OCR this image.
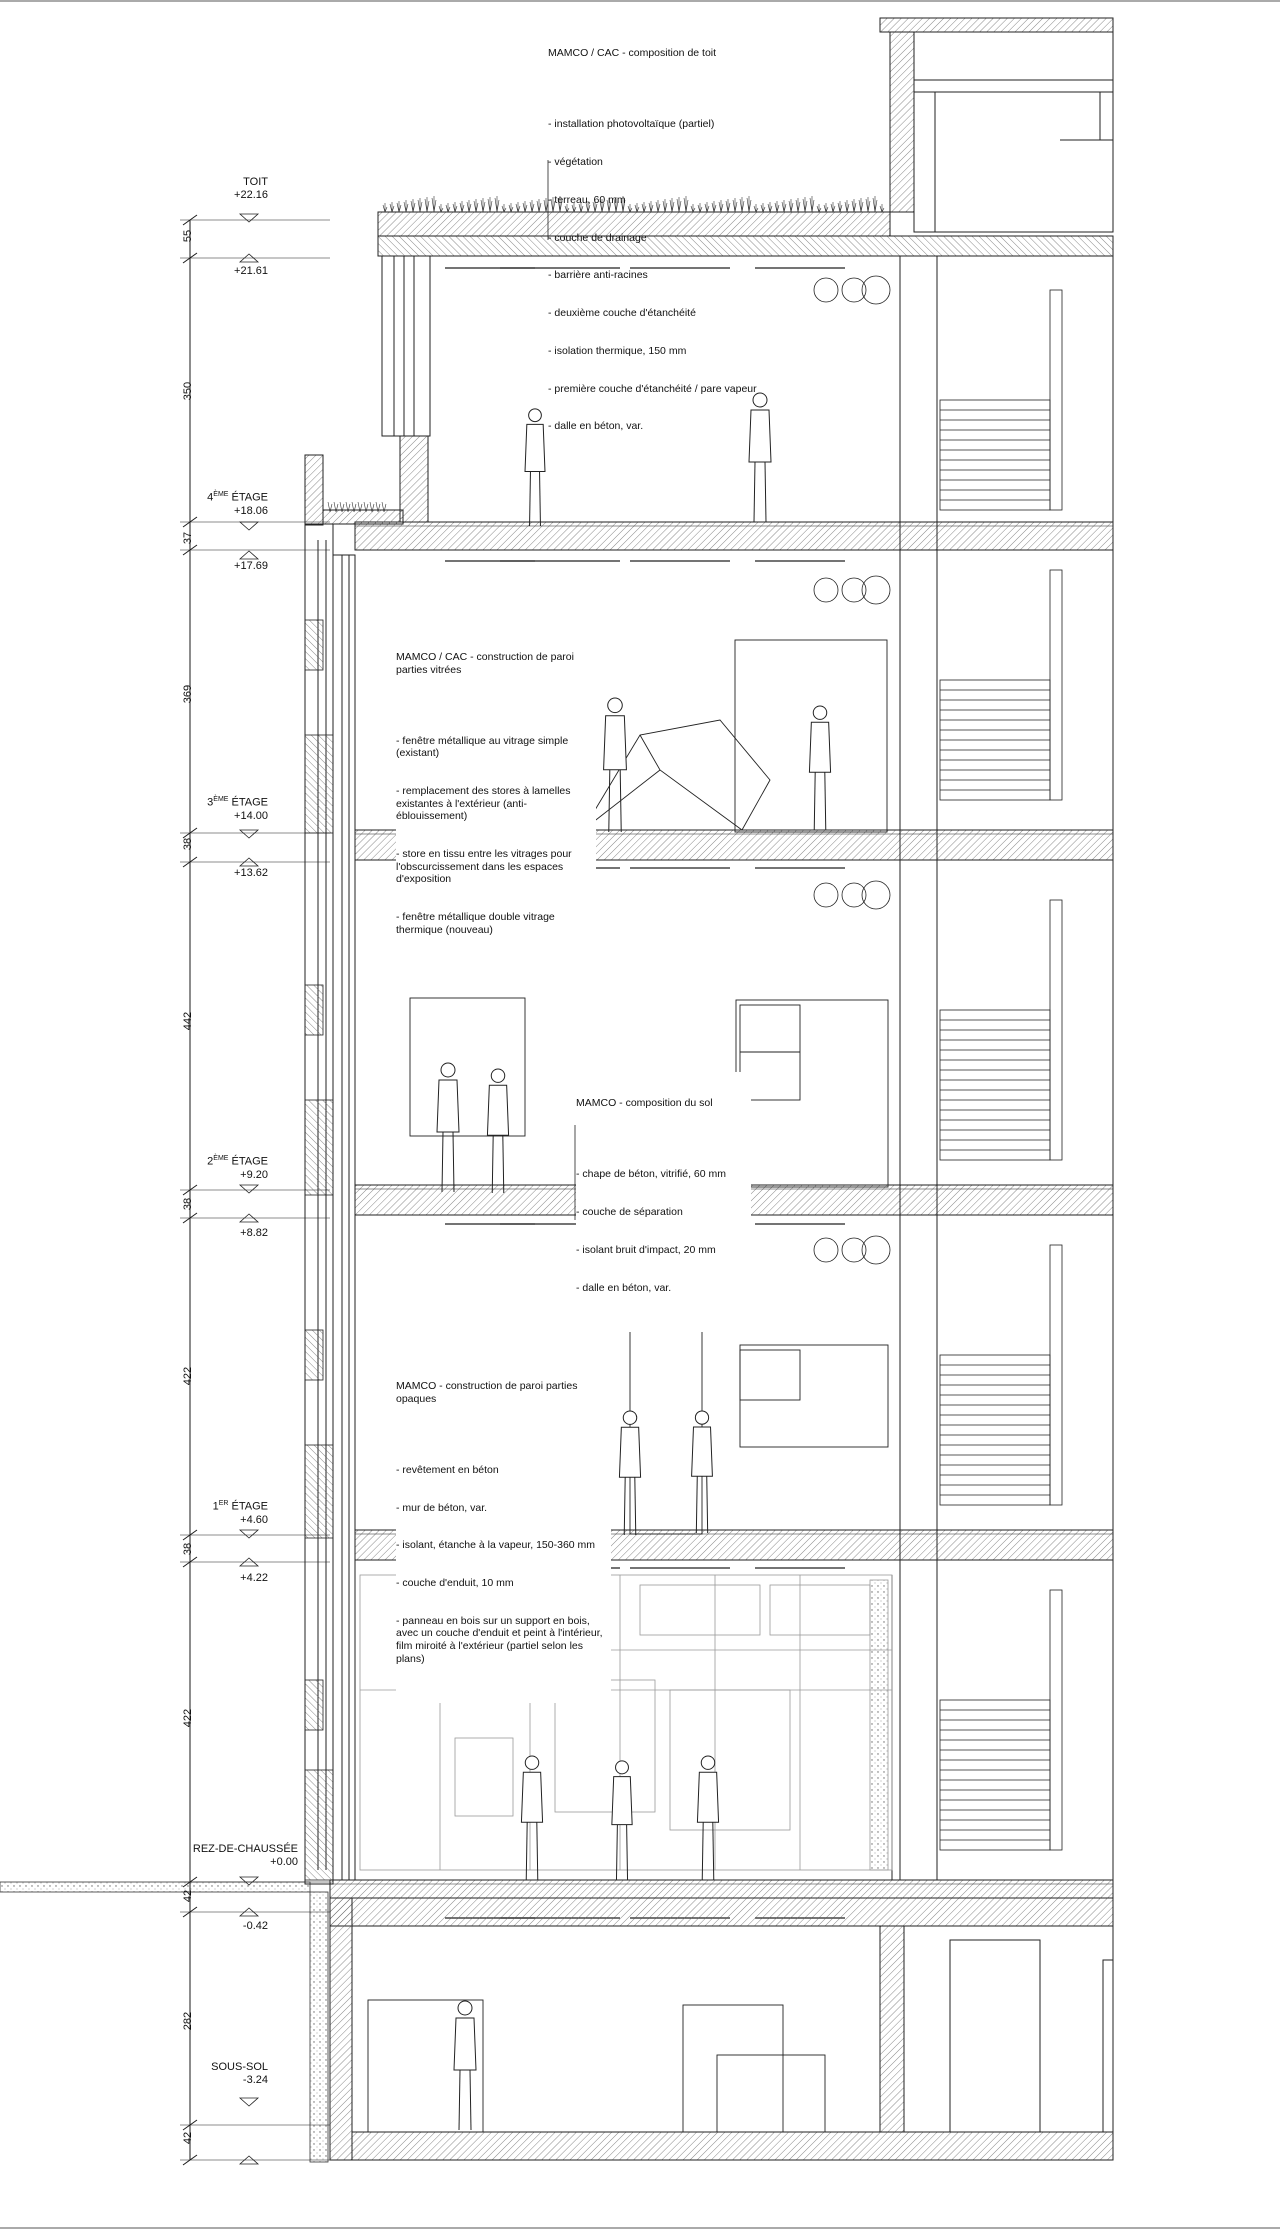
TOIT
+22.16
4ÈME ÉTAGE
+18.06
3ÈME ÉTAGE
+14.00
2ÈME ÉTAGE
+9.20
1ER ÉTAGE
+4.60
REZ-DE-CHAUSSÉE
+0.00
SOUS-SOL
-3.24
+21.61
+17.69
+13.62
+8.82
+4.22
-0.42
55
350
37
369
38
442
38
422
38
422
42
282
42

MAMCO / CAC - composition de toit

- installation photovoltaïque (partiel)

- végétation

- terreau, 60 mm

- couche de drainage

- barrière anti-racines

- deuxième couche d'étanchéité

- isolation thermique, 150 mm

- première couche d'étanchéité / pare vapeur

- dalle en béton, var.

MAMCO / CAC - construction de paroi parties vitrées

- fenêtre métallique au vitrage simple (existant)

- remplacement des stores à lamelles existantes à l'extérieur (anti-éblouissement)

- store en tissu entre les vitrages pour l'obscurcissement dans les espaces d'exposition

- fenêtre métallique double vitrage thermique (nouveau)

MAMCO - composition du sol

- chape de béton, vitrifié, 60 mm

- couche de séparation

- isolant bruit d'impact, 20 mm

- dalle en béton, var.

MAMCO - construction de paroi parties opaques

- revêtement en béton

- mur de béton, var.

- isolant, étanche à la vapeur, 150-360 mm

- couche d'enduit, 10 mm

- panneau en bois sur un support en bois, avec un couche d'enduit et peint à l'intérieur, film miroité à l'extérieur (partiel selon les plans)
